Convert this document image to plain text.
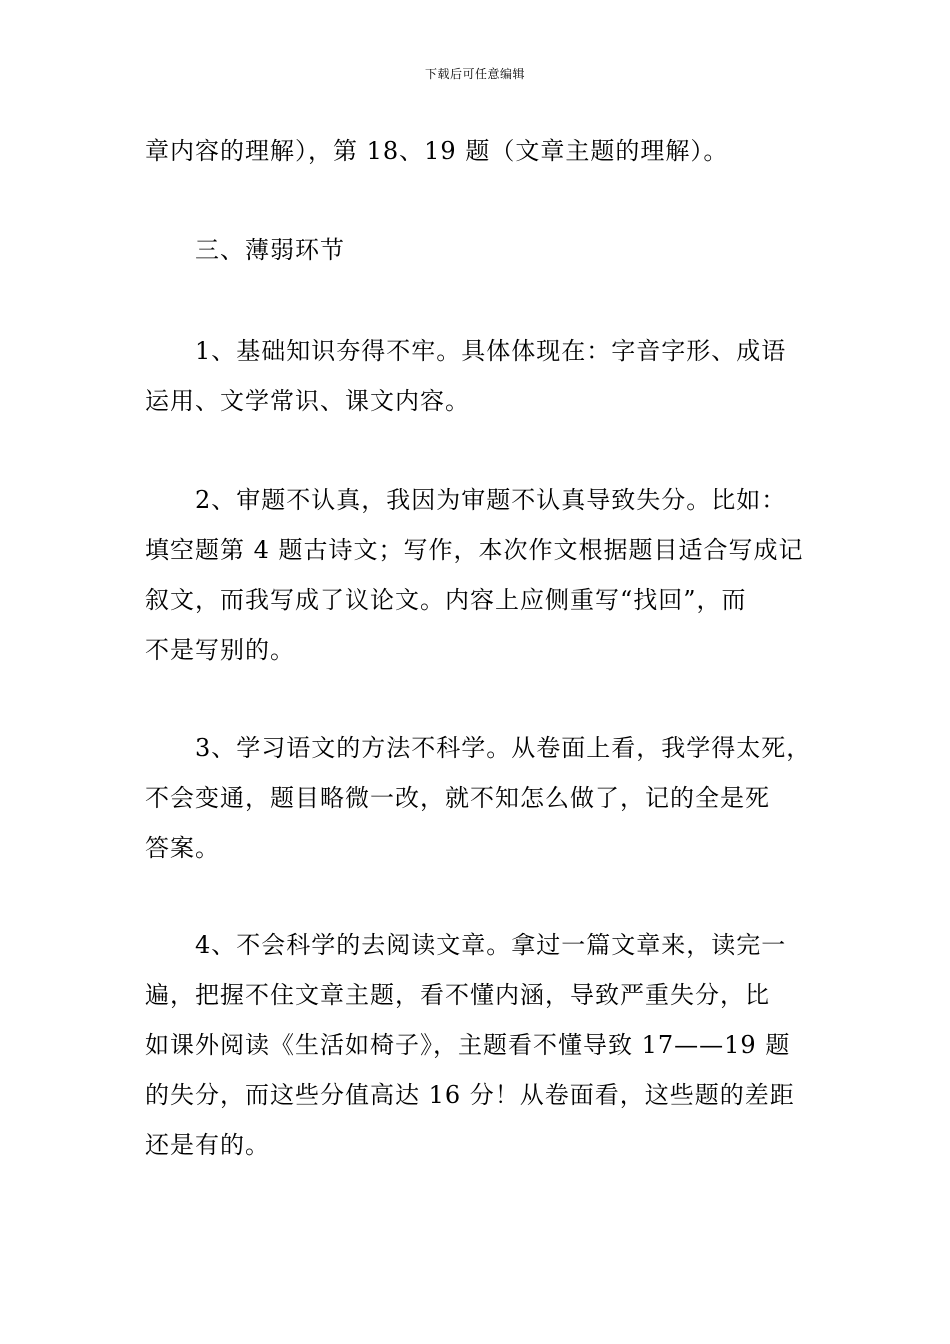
下载后可任意编辑
章内容的理解），第 18、19 题（文章主题的理解）。
三、薄弱环节
1、基础知识夯得不牢。具体体现在：字音字形、成语
运用、文学常识、课文内容。
2、审题不认真，我因为审题不认真导致失分。比如：
填空题第 4 题古诗文；写作，本次作文根据题目适合写成记
叙文，而我写成了议论文。内容上应侧重写“找回”，而
不是写别的。
3、学习语文的方法不科学。从卷面上看，我学得太死，
不会变通，题目略微一改，就不知怎么做了，记的全是死
答案。
4、不会科学的去阅读文章。拿过一篇文章来，读完一
遍，把握不住文章主题，看不懂内涵，导致严重失分，比
如课外阅读《生活如椅子》，主题看不懂导致 17——19 题
的失分，而这些分值高达 16 分！从卷面看，这些题的差距
还是有的。
